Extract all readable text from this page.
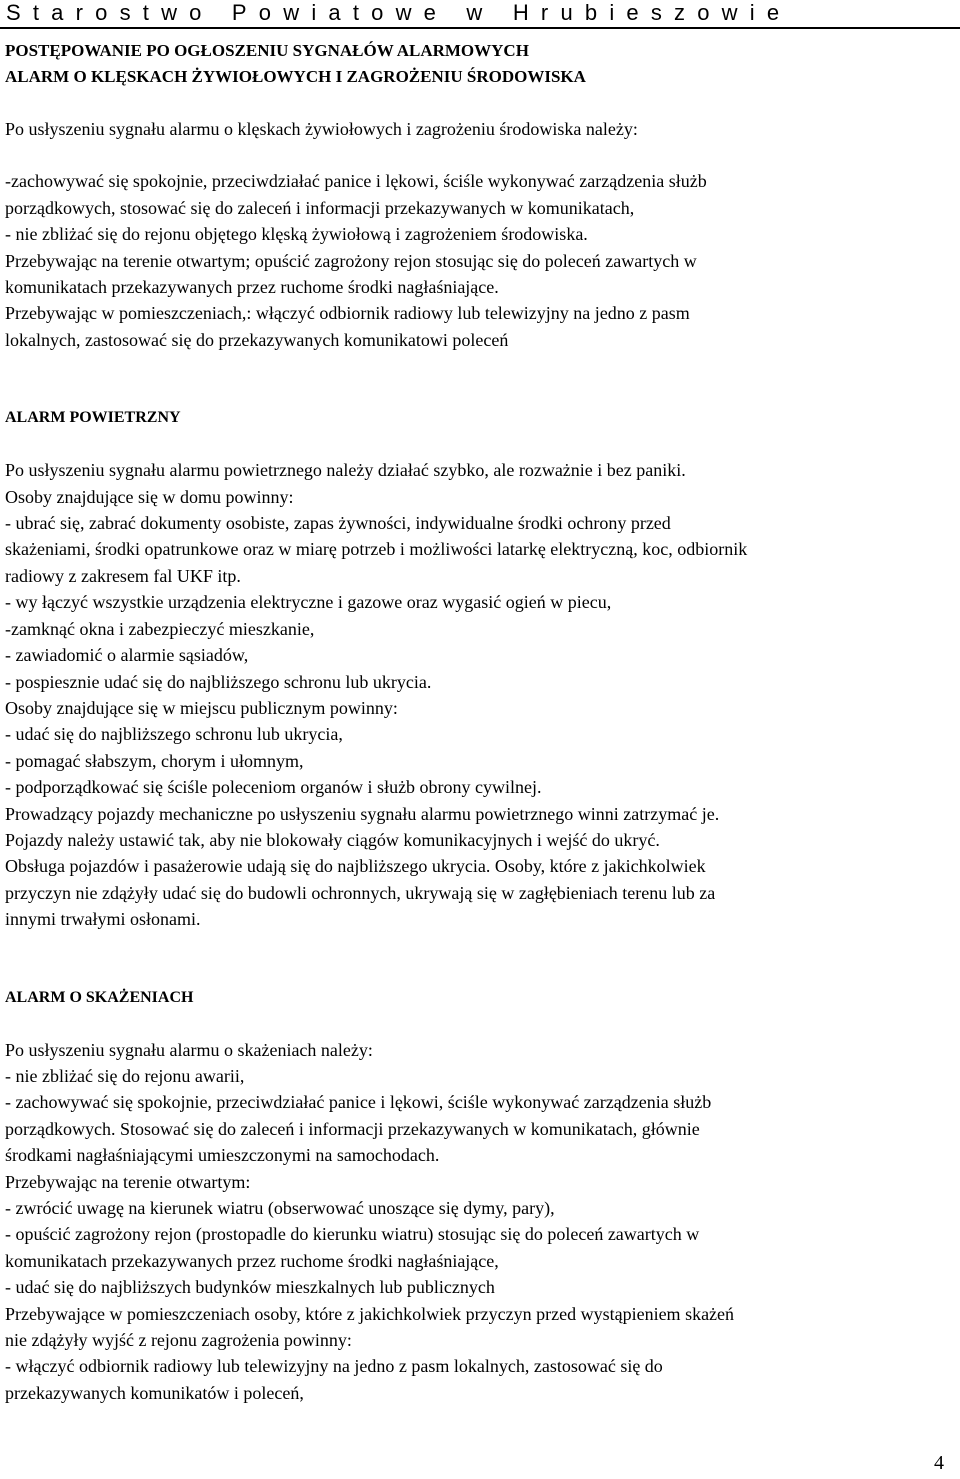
Starostwo Powiatowe w Hrubieszowie
POSTĘPOWANIE PO OGŁOSZENIU SYGNAŁÓW ALARMOWYCH
ALARM O KLĘSKACH ŻYWIOŁOWYCH I ZAGROŻENIU ŚRODOWISKA
Po usłyszeniu sygnału alarmu o klęskach żywiołowych i zagrożeniu środowiska należy:
-zachowywać się spokojnie, przeciwdziałać panice i lękowi, ściśle wykonywać zarządzenia służb
porządkowych, stosować się do zaleceń i informacji przekazywanych w komunikatach,
- nie zbliżać się do rejonu objętego klęską żywiołową i zagrożeniem środowiska.
Przebywając na terenie otwartym; opuścić zagrożony rejon stosując się do poleceń zawartych w
komunikatach przekazywanych przez ruchome środki nagłaśniające.
Przebywając w pomieszczeniach,: włączyć odbiornik radiowy lub telewizyjny na jedno z pasm
lokalnych, zastosować się do przekazywanych komunikatowi poleceń
ALARM POWIETRZNY
Po usłyszeniu sygnału alarmu powietrznego należy działać szybko, ale rozważnie i bez paniki.
Osoby znajdujące się w domu powinny:
- ubrać się, zabrać dokumenty osobiste, zapas żywności, indywidualne środki ochrony przed
skażeniami, środki opatrunkowe oraz w miarę potrzeb i możliwości latarkę elektryczną, koc, odbiornik
radiowy z zakresem fal UKF itp.
- wy łączyć wszystkie urządzenia elektryczne i gazowe oraz wygasić ogień w piecu,
-zamknąć okna i zabezpieczyć mieszkanie,
- zawiadomić o alarmie sąsiadów,
- pospiesznie udać się do najbliższego schronu lub ukrycia.
Osoby znajdujące się w miejscu publicznym powinny:
- udać się do najbliższego schronu lub ukrycia,
- pomagać słabszym, chorym i ułomnym,
- podporządkować się ściśle poleceniom organów i służb obrony cywilnej.
Prowadzący pojazdy mechaniczne po usłyszeniu sygnału alarmu powietrznego winni zatrzymać je.
Pojazdy należy ustawić tak, aby nie blokowały ciągów komunikacyjnych i wejść do ukryć.
Obsługa pojazdów i pasażerowie udają się do najbliższego ukrycia. Osoby, które z jakichkolwiek
przyczyn nie zdążyły udać się do budowli ochronnych, ukrywają się w zagłębieniach terenu lub za
innymi trwałymi osłonami.
ALARM O SKAŻENIACH
Po usłyszeniu sygnału alarmu o skażeniach należy:
- nie zbliżać się do rejonu awarii,
- zachowywać się spokojnie, przeciwdziałać panice i lękowi, ściśle wykonywać zarządzenia służb
porządkowych. Stosować się do zaleceń i informacji przekazywanych w komunikatach, głównie
środkami nagłaśniającymi umieszczonymi na samochodach.
Przebywając na terenie otwartym:
- zwrócić uwagę na kierunek wiatru (obserwować unoszące się dymy, pary),
- opuścić zagrożony rejon (prostopadle do kierunku wiatru) stosując się do poleceń zawartych w
komunikatach przekazywanych przez ruchome środki nagłaśniające,
- udać się do najbliższych budynków mieszkalnych lub publicznych
Przebywające w pomieszczeniach osoby, które z jakichkolwiek przyczyn przed wystąpieniem skażeń
nie zdążyły wyjść z rejonu zagrożenia powinny:
- włączyć odbiornik radiowy lub telewizyjny na jedno z pasm lokalnych, zastosować się do
przekazywanych komunikatów i poleceń,
4
